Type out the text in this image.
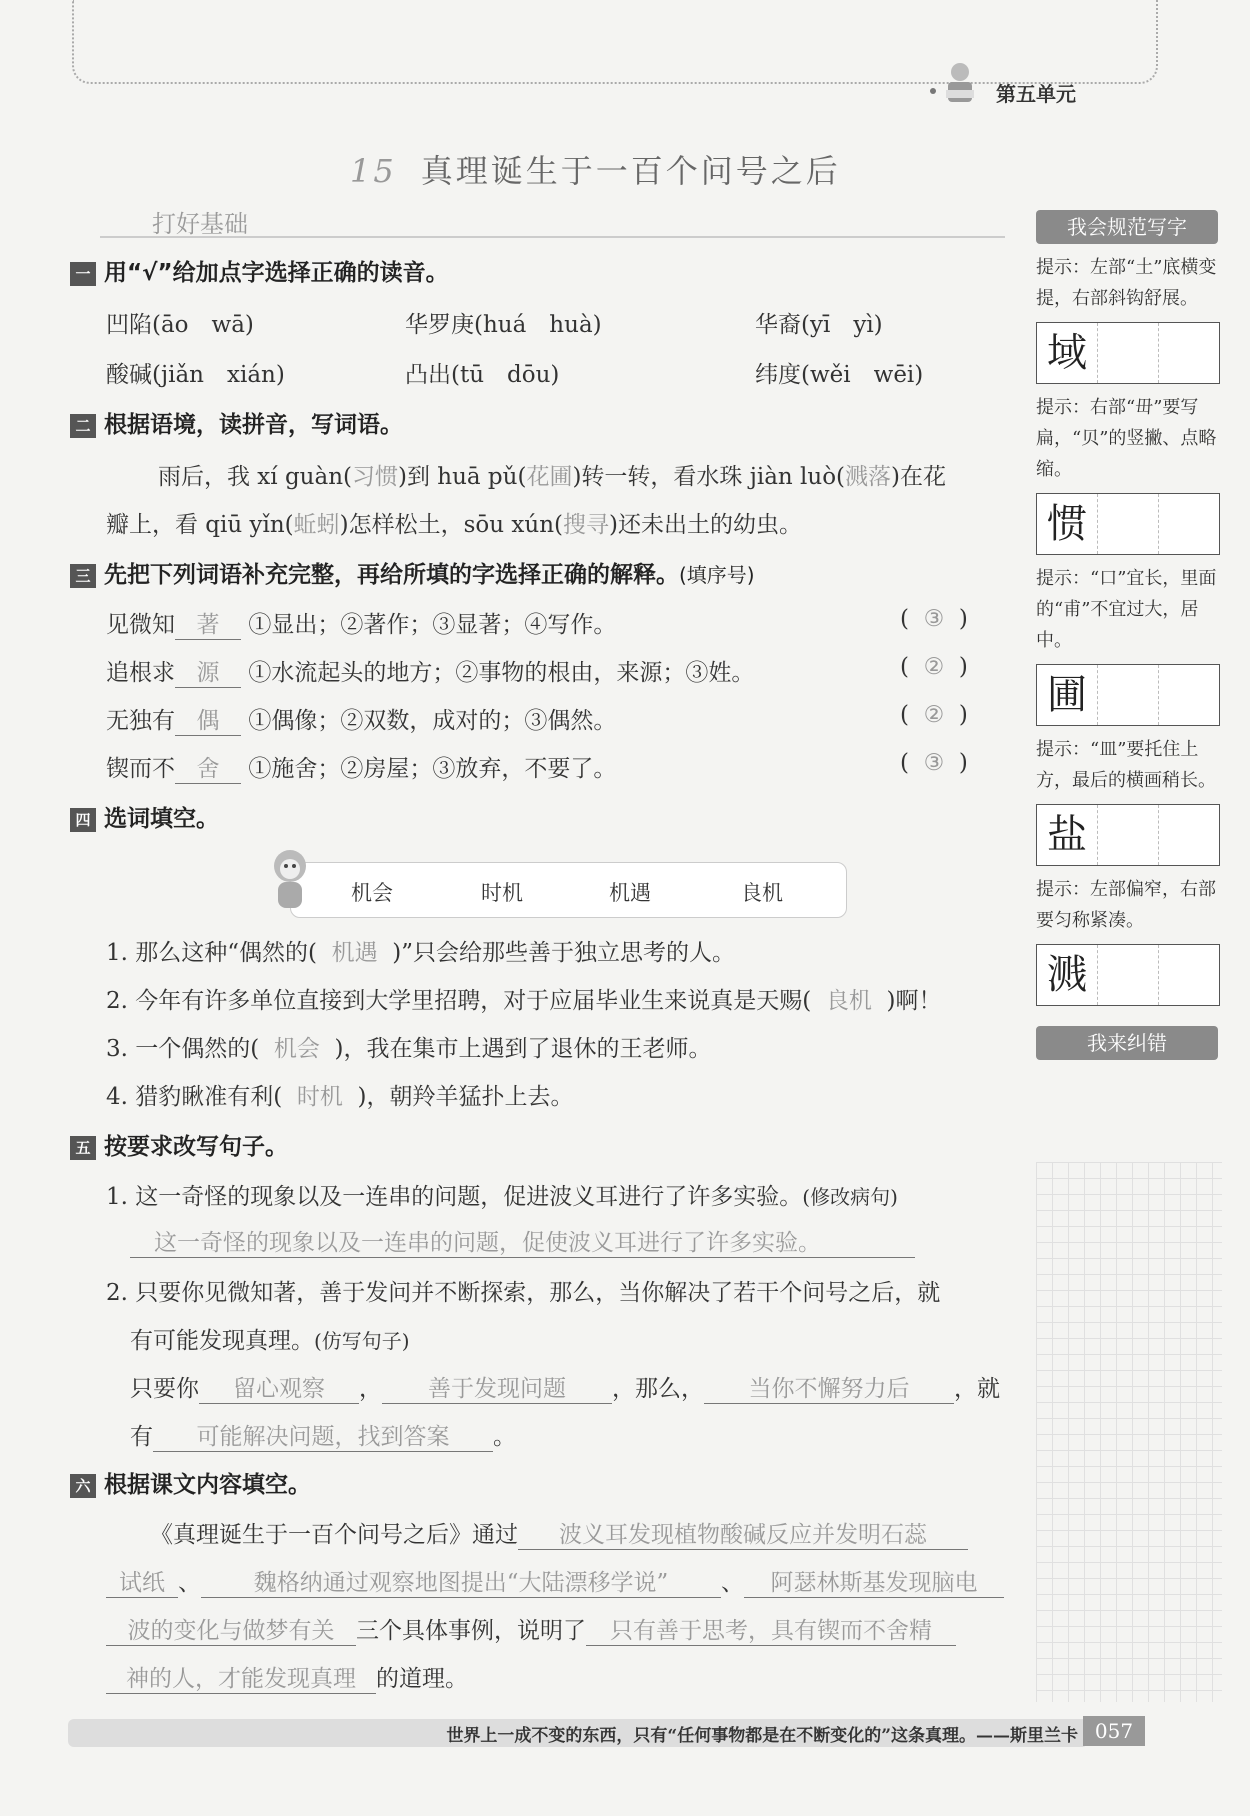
第五单元
15 真理诞生于一百个问号之后
打好基础
一 用“√”给加点字选择正确的读音。
凹陷(āo　wā)	华罗庚(huá　huà)	华裔(yī　yì)
酸碱(jiǎn　xián)	凸出(tū　dōu)	纬度(wěi　wēi)
二 根据语境，读拼音，写词语。
雨后，我 xí guàn(习惯)到 huā pǔ(花圃)转一转，看水珠 jiàn luò(溅落)在花
瓣上，看 qiū yǐn(蚯蚓)怎样松土，sōu xún(搜寻)还未出土的幼虫。
三 先把下列词语补充完整，再给所填的字选择正确的解释。(填序号)
见微知 著 ①显出；②著作；③显著；④写作。	(  ③  )
追根求 源 ①水流起头的地方；②事物的根由，来源；③姓。	(  ②  )
无独有 偶 ①偶像；②双数，成对的；③偶然。	(  ②  )
锲而不 舍 ①施舍；②房屋；③放弃，不要了。	(  ③  )
四 选词填空。
机会	时机	机遇	良机
1. 那么这种“偶然的( 机遇 )”只会给那些善于独立思考的人。
2. 今年有许多单位直接到大学里招聘，对于应届毕业生来说真是天赐( 良机 )啊！
3. 一个偶然的( 机会 )，我在集市上遇到了退休的王老师。
4. 猎豹瞅准有利( 时机 )，朝羚羊猛扑上去。
五 按要求改写句子。
1. 这一奇怪的现象以及一连串的问题，促进波义耳进行了许多实验。(修改病句)
这一奇怪的现象以及一连串的问题，促使波义耳进行了许多实验。
2. 只要你见微知著，善于发问并不断探索，那么，当你解决了若干个问号之后，就
有可能发现真理。(仿写句子)
只要你 留心观察 ， 善于发现问题 ，那么， 当你不懈努力后 ，就
有 可能解决问题，找到答案 。
六 根据课文内容填空。
《真理诞生于一百个问号之后》通过 波义耳发现植物酸碱反应并发明石蕊
试纸 、 魏格纳通过观察地图提出“大陆漂移学说” 、 阿瑟林斯基发现脑电
波的变化与做梦有关 三个具体事例，说明了 只有善于思考，具有锲而不舍精
神的人，才能发现真理 的道理。
我会规范写字
提示：左部“土”底横变提，右部斜钩舒展。
域
提示：右部“毌”要写扁，“贝”的竖撇、点略缩。
惯
提示：“口”宜长，里面的“甫”不宜过大，居中。
圃
提示：“皿”要托住上方，最后的横画稍长。
盐
提示：左部偏窄，右部要匀称紧凑。
溅
我来纠错
世界上一成不变的东西，只有“任何事物都是在不断变化的”这条真理。——斯里兰卡 057
